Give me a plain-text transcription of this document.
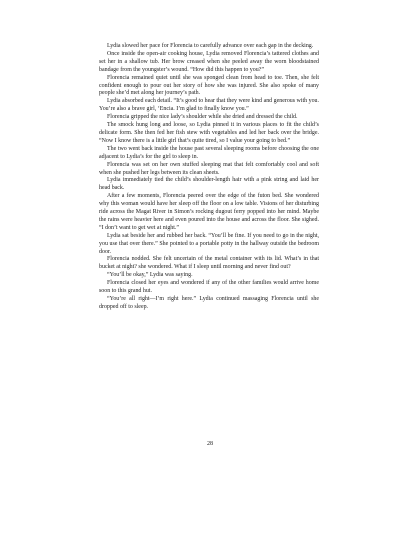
Lydia slowed her pace for Florencia to carefully advance over each gap in the decking.

Once inside the open-air cooking house, Lydia removed Florencia’s tattered clothes and set her in a shallow tub. Her brow creased when she peeled away the worn bloodstained bandage from the youngster’s wound. “How did this happen to you?”

Florencia remained quiet until she was sponged clean from head to toe. Then, she felt confident enough to pour out her story of how she was injured. She also spoke of many people she’d met along her journey’s path.

Lydia absorbed each detail. “It’s good to hear that they were kind and generous with you. You’re also a brave girl, ‘Encia. I’m glad to finally know you.”

Florencia gripped the nice lady’s shoulder while she dried and dressed the child.

The smock hung long and loose, so Lydia pinned it in various places to fit the child’s delicate form. She then fed her fish stew with vegetables and led her back over the bridge. “Now I know there is a little girl that’s quite tired, so I value your going to bed.”

The two went back inside the house past several sleeping rooms before choosing the one adjacent to Lydia’s for the girl to sleep in.

Florencia was set on her own stuffed sleeping mat that felt comfortably cool and soft when she pushed her legs between its clean sheets.

Lydia immediately tied the child’s shoulder-length hair with a pink string and laid her head back.

After a few moments, Florencia peered over the edge of the futon bed. She wondered why this woman would have her sleep off the floor on a low table. Visions of her disturbing ride across the Magat River in Simon’s rocking dugout ferry popped into her mind. Maybe the rains were heavier here and even poured into the house and across the floor. She sighed. “I don’t want to get wet at night.”

Lydia sat beside her and rubbed her back. “You’ll be fine. If you need to go in the night, you use that over there.” She pointed to a portable potty in the hallway outside the bedroom door.

Florencia nodded. She felt uncertain of the metal container with its lid. What’s in that bucket at night? she wondered. What if I sleep until morning and never find out?

“You’ll be okay,” Lydia was saying.

Florencia closed her eyes and wondered if any of the other families would arrive home soon to this grand hut.

“You’re all right—I’m right here.” Lydia continued massaging Florencia until she dropped off to sleep.

28
